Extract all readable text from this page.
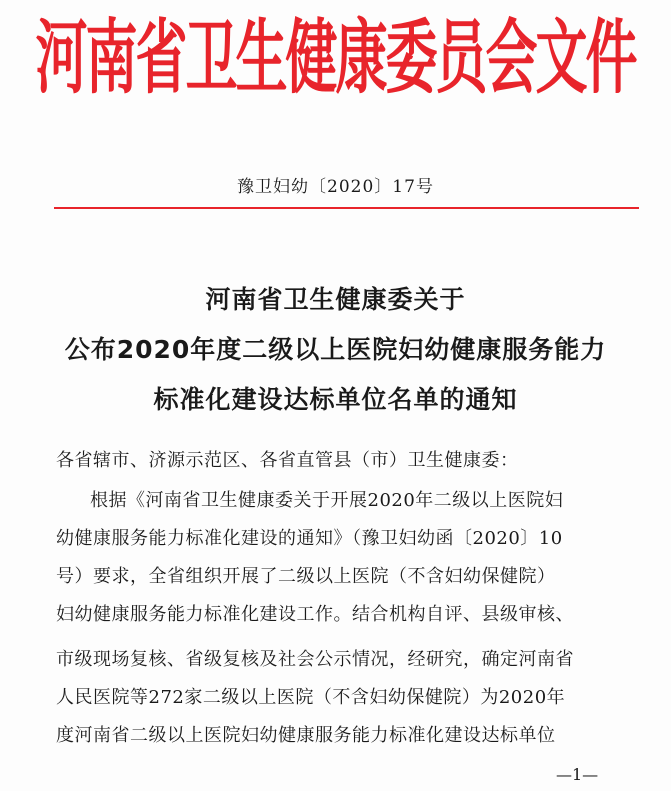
河南省卫生健康委员会文件
豫卫妇幼〔2020〕17号
河南省卫生健康委关于
公布2020年度二级以上医院妇幼健康服务能力
标准化建设达标单位名单的通知
各省辖市、济源示范区、各省直管县（市）卫生健康委：
根据《河南省卫生健康委关于开展2020年二级以上医院妇
幼健康服务能力标准化建设的通知》（豫卫妇幼函〔2020〕10
号）要求，全省组织开展了二级以上医院（不含妇幼保健院）
妇幼健康服务能力标准化建设工作。结合机构自评、县级审核、
市级现场复核、省级复核及社会公示情况，经研究，确定河南省
人民医院等272家二级以上医院（不含妇幼保健院）为2020年
度河南省二级以上医院妇幼健康服务能力标准化建设达标单位
—1—
